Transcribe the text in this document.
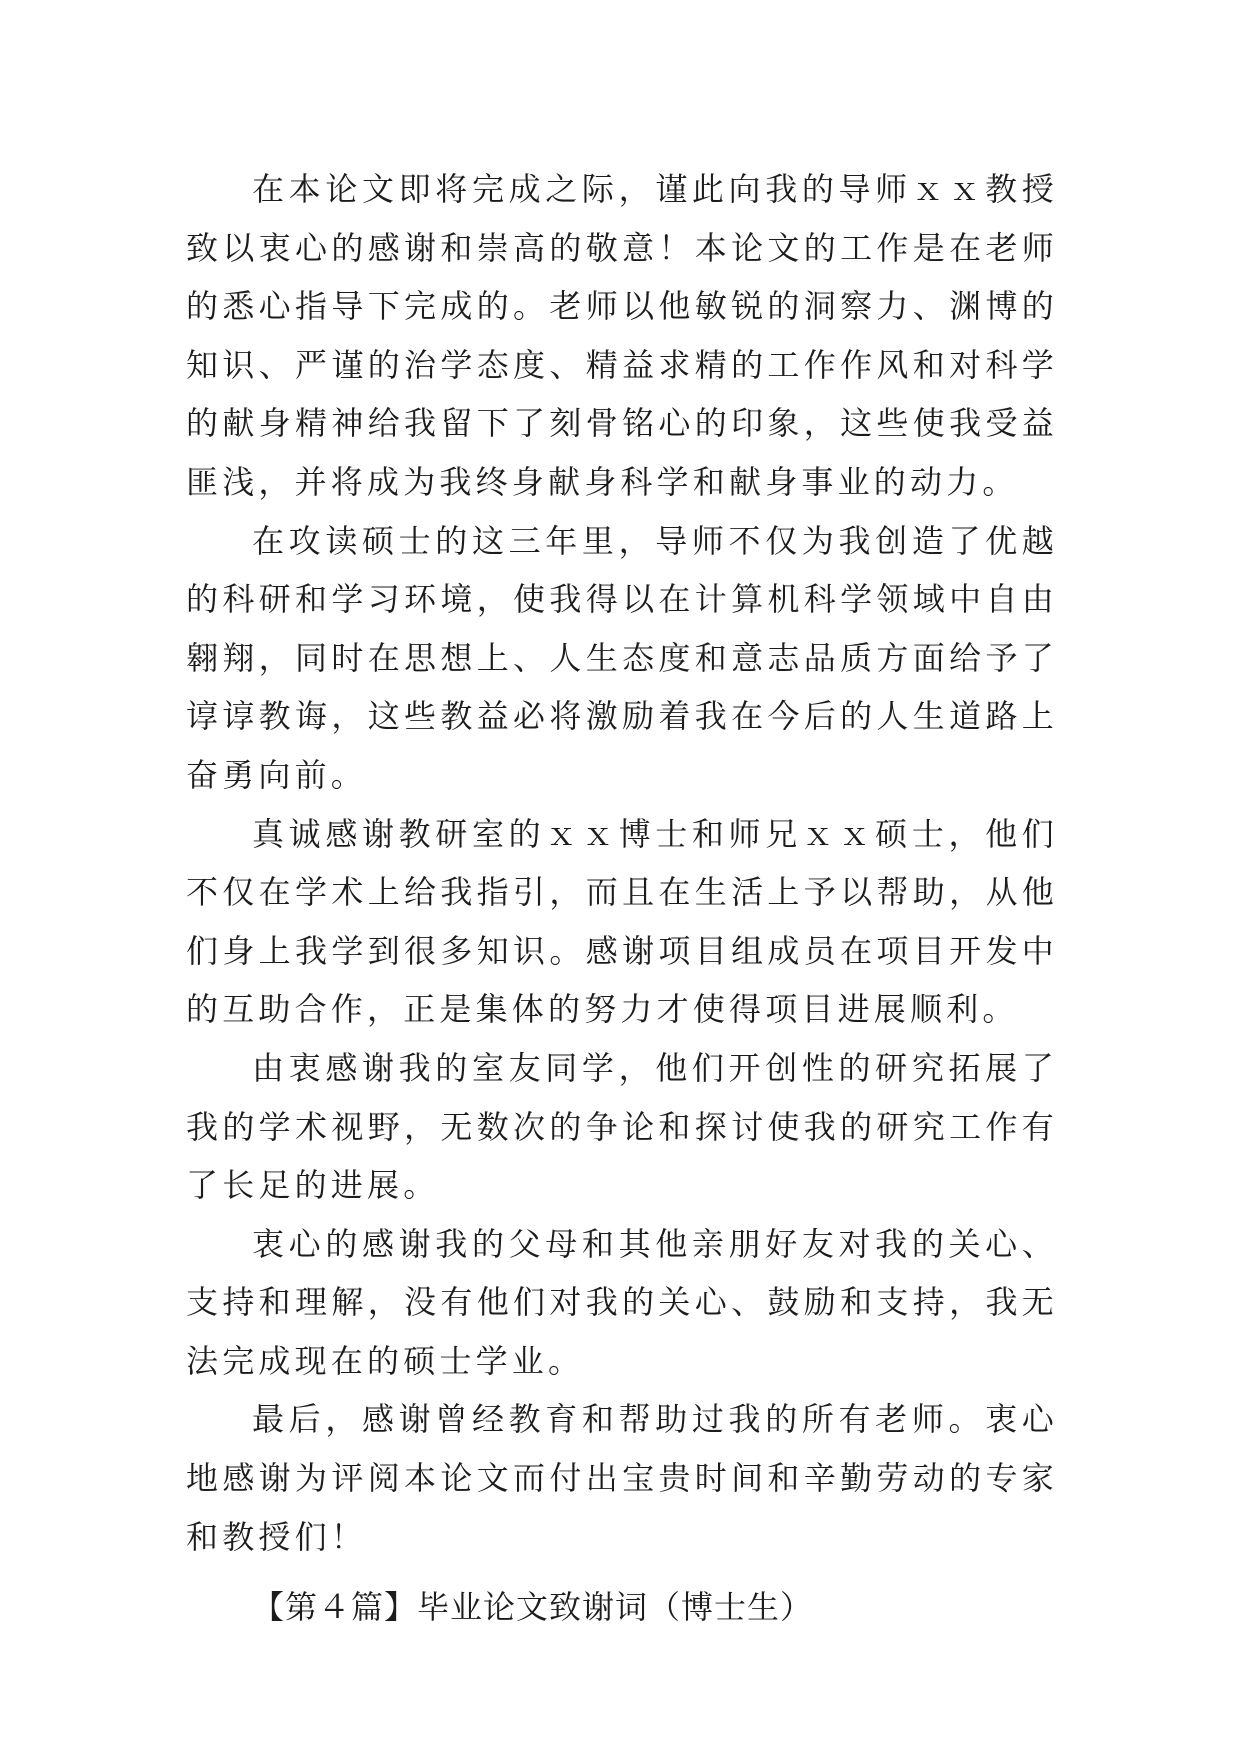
在本论文即将完成之际，谨此向我的导师ｘｘ教授致以衷心的感谢和崇高的敬意！本论文的工作是在老师的悉心指导下完成的。老师以他敏锐的洞察力、渊博的知识、严谨的治学态度、精益求精的工作作风和对科学的献身精神给我留下了刻骨铭心的印象，这些使我受益匪浅，并将成为我终身献身科学和献身事业的动力。

在攻读硕士的这三年里，导师不仅为我创造了优越的科研和学习环境，使我得以在计算机科学领域中自由翱翔，同时在思想上、人生态度和意志品质方面给予了谆谆教诲，这些教益必将激励着我在今后的人生道路上奋勇向前。

真诚感谢教研室的ｘｘ博士和师兄ｘｘ硕士，他们不仅在学术上给我指引，而且在生活上予以帮助，从他们身上我学到很多知识。感谢项目组成员在项目开发中的互助合作，正是集体的努力才使得项目进展顺利。

由衷感谢我的室友同学，他们开创性的研究拓展了我的学术视野，无数次的争论和探讨使我的研究工作有了长足的进展。

衷心的感谢我的父母和其他亲朋好友对我的关心、支持和理解，没有他们对我的关心、鼓励和支持，我无法完成现在的硕士学业。

最后，感谢曾经教育和帮助过我的所有老师。衷心地感谢为评阅本论文而付出宝贵时间和辛勤劳动的专家和教授们！

【第４篇】毕业论文致谢词（博士生）
